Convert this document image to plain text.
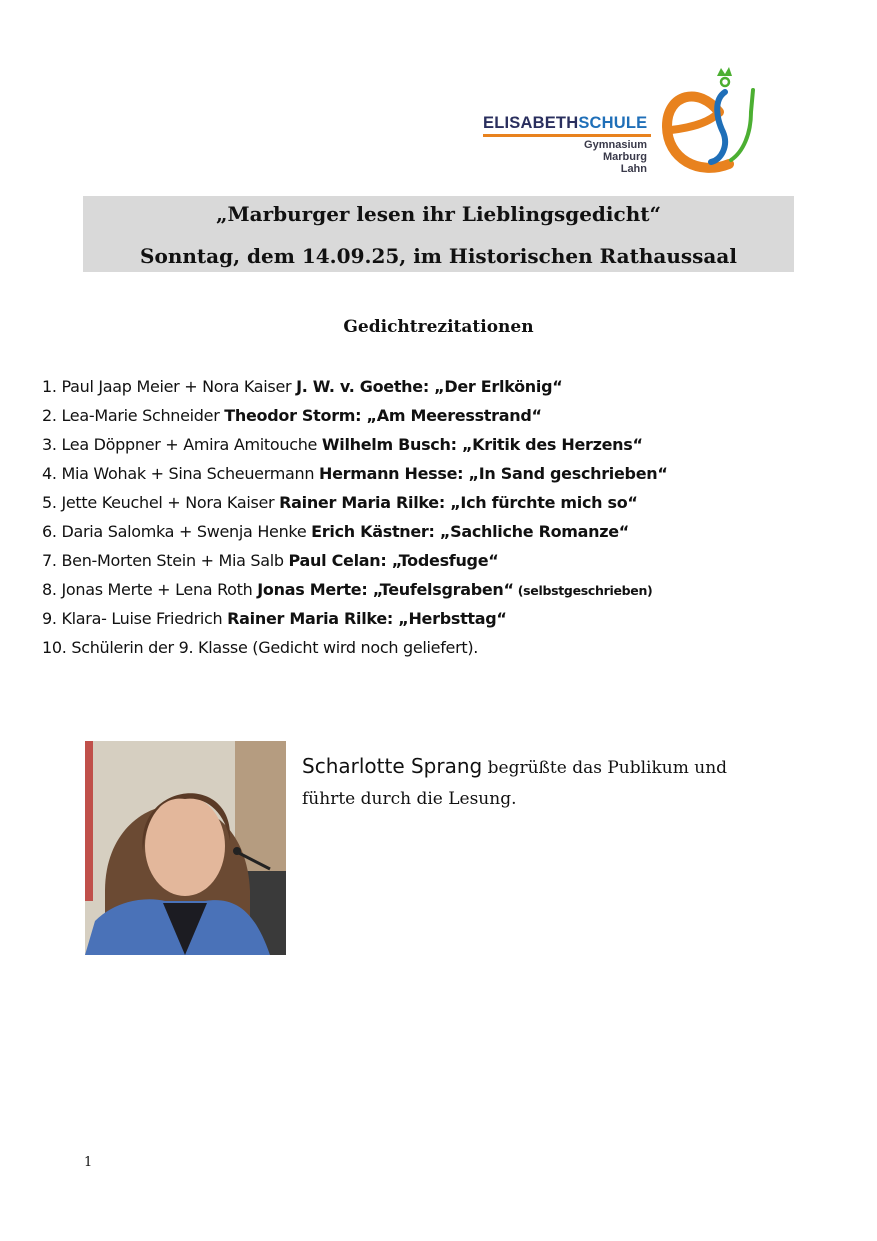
ELISABETHSCHULE
Gymnasium
Marburg
Lahn
„Marburger lesen ihr Lieblingsgedicht“
Sonntag, dem 14.09.25, im Historischen Rathaussaal
Gedichtrezitationen
1. Paul Jaap Meier + Nora Kaiser J. W. v. Goethe: „Der Erlkönig“
2. Lea-Marie Schneider Theodor Storm: „Am Meeresstrand“
3. Lea Döppner + Amira Amitouche Wilhelm Busch: „Kritik des Herzens“
4. Mia Wohak + Sina Scheuermann Hermann Hesse: „In Sand geschrieben“
5. Jette Keuchel + Nora Kaiser Rainer Maria Rilke: „Ich fürchte mich so“
6. Daria Salomka + Swenja Henke Erich Kästner: „Sachliche Romanze“
7. Ben-Morten Stein + Mia Salb Paul Celan: „Todesfuge“
8. Jonas Merte + Lena Roth Jonas Merte: „Teufelsgraben“ (selbstgeschrieben)
9. Klara- Luise Friedrich Rainer Maria Rilke: „Herbsttag“
10. Schülerin der 9. Klasse (Gedicht wird noch geliefert).
Scharlotte Sprang begrüßte das Publikum und führte durch die Lesung.
1
